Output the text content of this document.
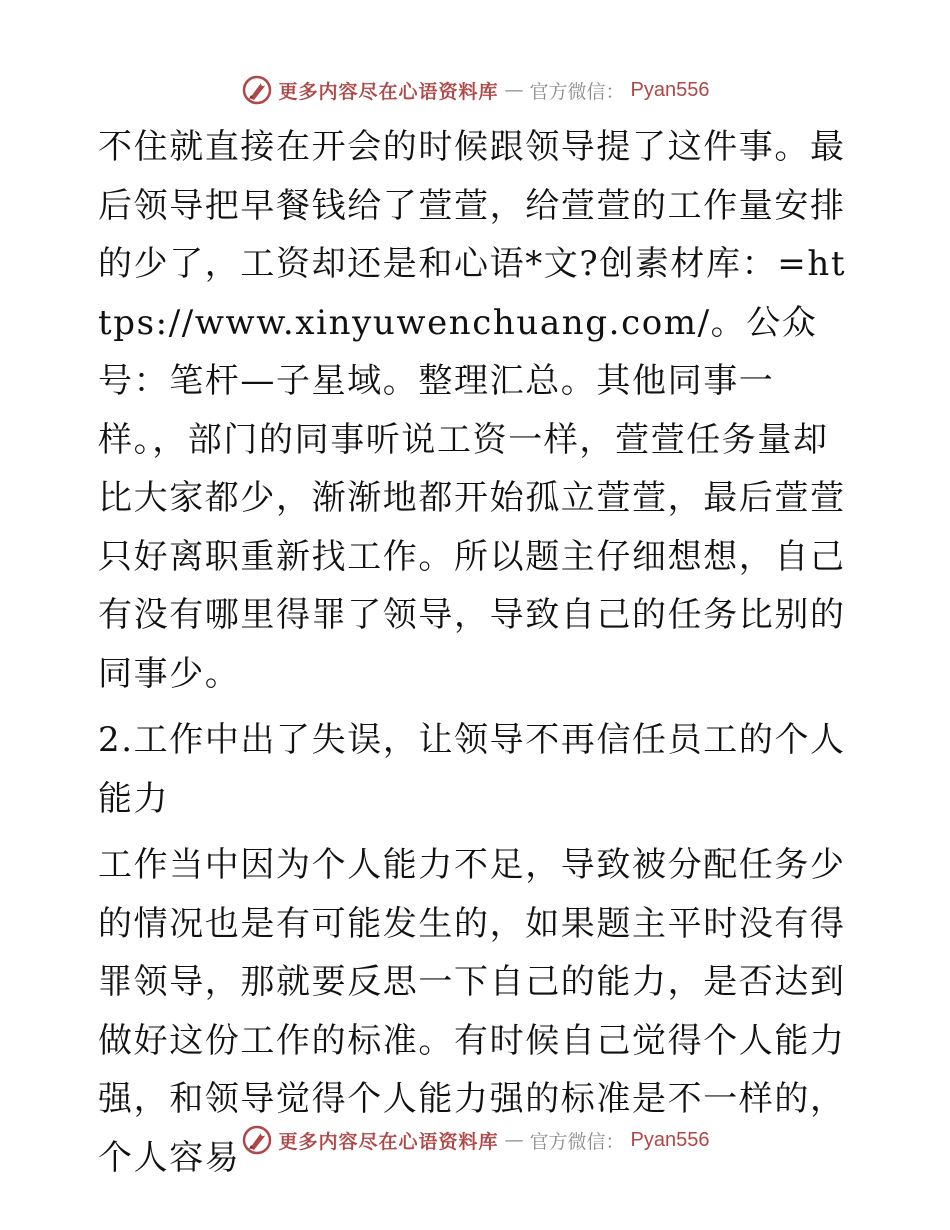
更多内容尽在心语资料库 — 官方微信： Pyan556

不住就直接在开会的时候跟领导提了这件事。最后领导把早餐钱给了萱萱，给萱萱的工作量安排的少了，工资却还是和心语*文?创素材库：=https://www.xinyuwenchuang.com/。公众号：笔杆—子星域。整理汇总。其他同事一样。，部门的同事听说工资一样，萱萱任务量却比大家都少，渐渐地都开始孤立萱萱，最后萱萱只好离职重新找工作。所以题主仔细想想，自己有没有哪里得罪了领导，导致自己的任务比别的同事少。

2.工作中出了失误，让领导不再信任员工的个人能力

工作当中因为个人能力不足，导致被分配任务少的情况也是有可能发生的，如果题主平时没有得罪领导，那就要反思一下自己的能力，是否达到做好这份工作的标准。有时候自己觉得个人能力强，和领导觉得个人能力强的标准是不一样的，个人容易	更多内容尽在心语资料库 — 官方微信： Pyan556
